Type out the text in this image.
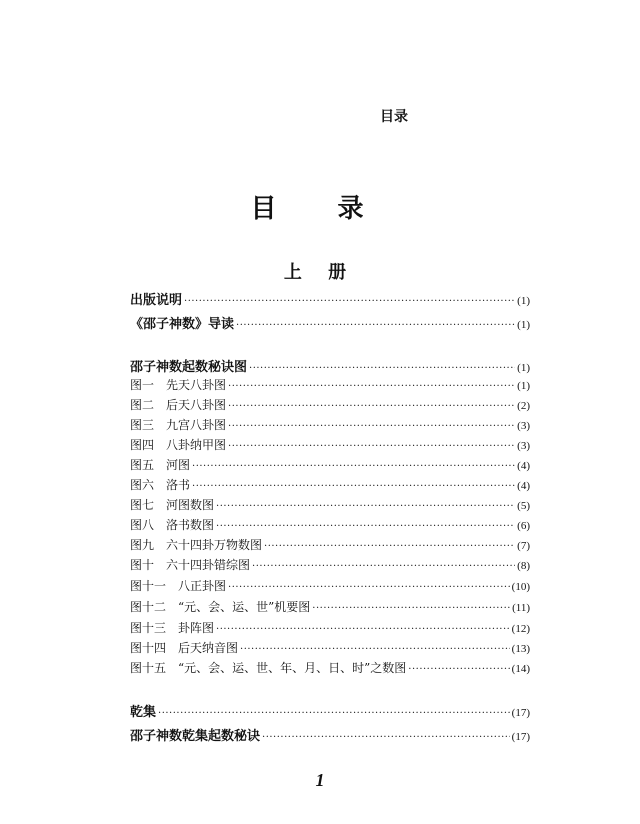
目录
目 录
上 册
出版说明 ·····	(1)
《邵子神数》导读 ·····	(1)
邵子神数起数秘诀图 ·····	(1)
图一　先天八卦图 ·····	(1)
图二　后天八卦图 ·····	(2)
图三　九宫八卦图 ·····	(3)
图四　八卦纳甲图 ·····	(3)
图五　河图 ·····	(4)
图六　洛书 ·····	(4)
图七　河图数图 ·····	(5)
图八　洛书数图 ·····	(6)
图九　六十四卦万物数图 ·····	(7)
图十　六十四卦错综图 ·····	(8)
图十一　八正卦图 ·····	(10)
图十二　“元、会、运、世”机要图 ·····	(11)
图十三　卦阵图 ·····	(12)
图十四　后天纳音图 ·····	(13)
图十五　“元、会、运、世、年、月、日、时”之数图 ·····	(14)
乾集 ·····	(17)
邵子神数乾集起数秘诀 ·····	(17)
1
